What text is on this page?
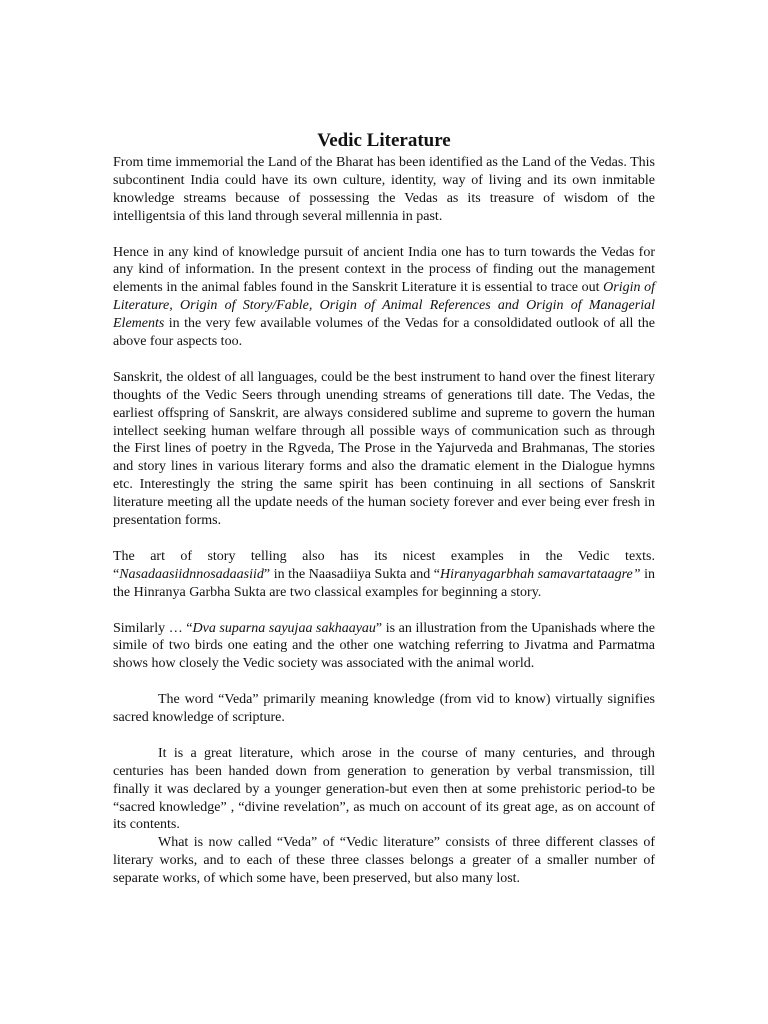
Vedic Literature

From time immemorial the Land of the Bharat has been identified as the Land of the Vedas. This subcontinent India could have its own culture, identity, way of living and its own inmitable knowledge streams because of possessing the Vedas as its treasure of wisdom of the intelligentsia of this land through several millennia in past.

Hence in any kind of knowledge pursuit of ancient India one has to turn towards the Vedas for any kind of information. In the present context in the process of finding out the management elements in the animal fables found in the Sanskrit Literature it is essential to trace out Origin of Literature, Origin of Story/Fable, Origin of Animal References and Origin of Managerial Elements in the very few available volumes of the Vedas for a consoldidated outlook of all the above four aspects too.

Sanskrit, the oldest of all languages, could be the best instrument to hand over the finest literary thoughts of the Vedic Seers through unending streams of generations till date. The Vedas, the earliest offspring of Sanskrit, are always considered sublime and supreme to govern the human intellect seeking human welfare through all possible ways of communication such as through the First lines of poetry in the Rgveda, The Prose in the Yajurveda and Brahmanas, The stories and story lines in various literary forms and also the dramatic element in the Dialogue hymns etc. Interestingly the string the same spirit has been continuing in all sections of Sanskrit literature meeting all the update needs of the human society forever and ever being ever fresh in presentation forms.

The art of story telling also has its nicest examples in the Vedic texts. “Nasadaasiidnnosadaasiid” in the Naasadiiya Sukta and “Hiranyagarbhah samavartataagre” in the Hinranya Garbha Sukta are two classical examples for beginning a story.

Similarly … “Dva suparna sayujaa sakhaayau” is an illustration from the Upanishads where the simile of two birds one eating and the other one watching referring to Jivatma and Parmatma shows how closely the Vedic society was associated with the animal world.

The word “Veda” primarily meaning knowledge (from vid to know) virtually signifies sacred knowledge of scripture.

It is a great literature, which arose in the course of many centuries, and through centuries has been handed down from generation to generation by verbal transmission, till finally it was declared by a younger generation-but even then at some prehistoric period-to be “sacred knowledge” , “divine revelation”, as much on account of its great age, as on account of its contents.

What is now called “Veda” of “Vedic literature” consists of three different classes of literary works, and to each of these three classes belongs a greater of a smaller number of separate works, of which some have, been preserved, but also many lost.
